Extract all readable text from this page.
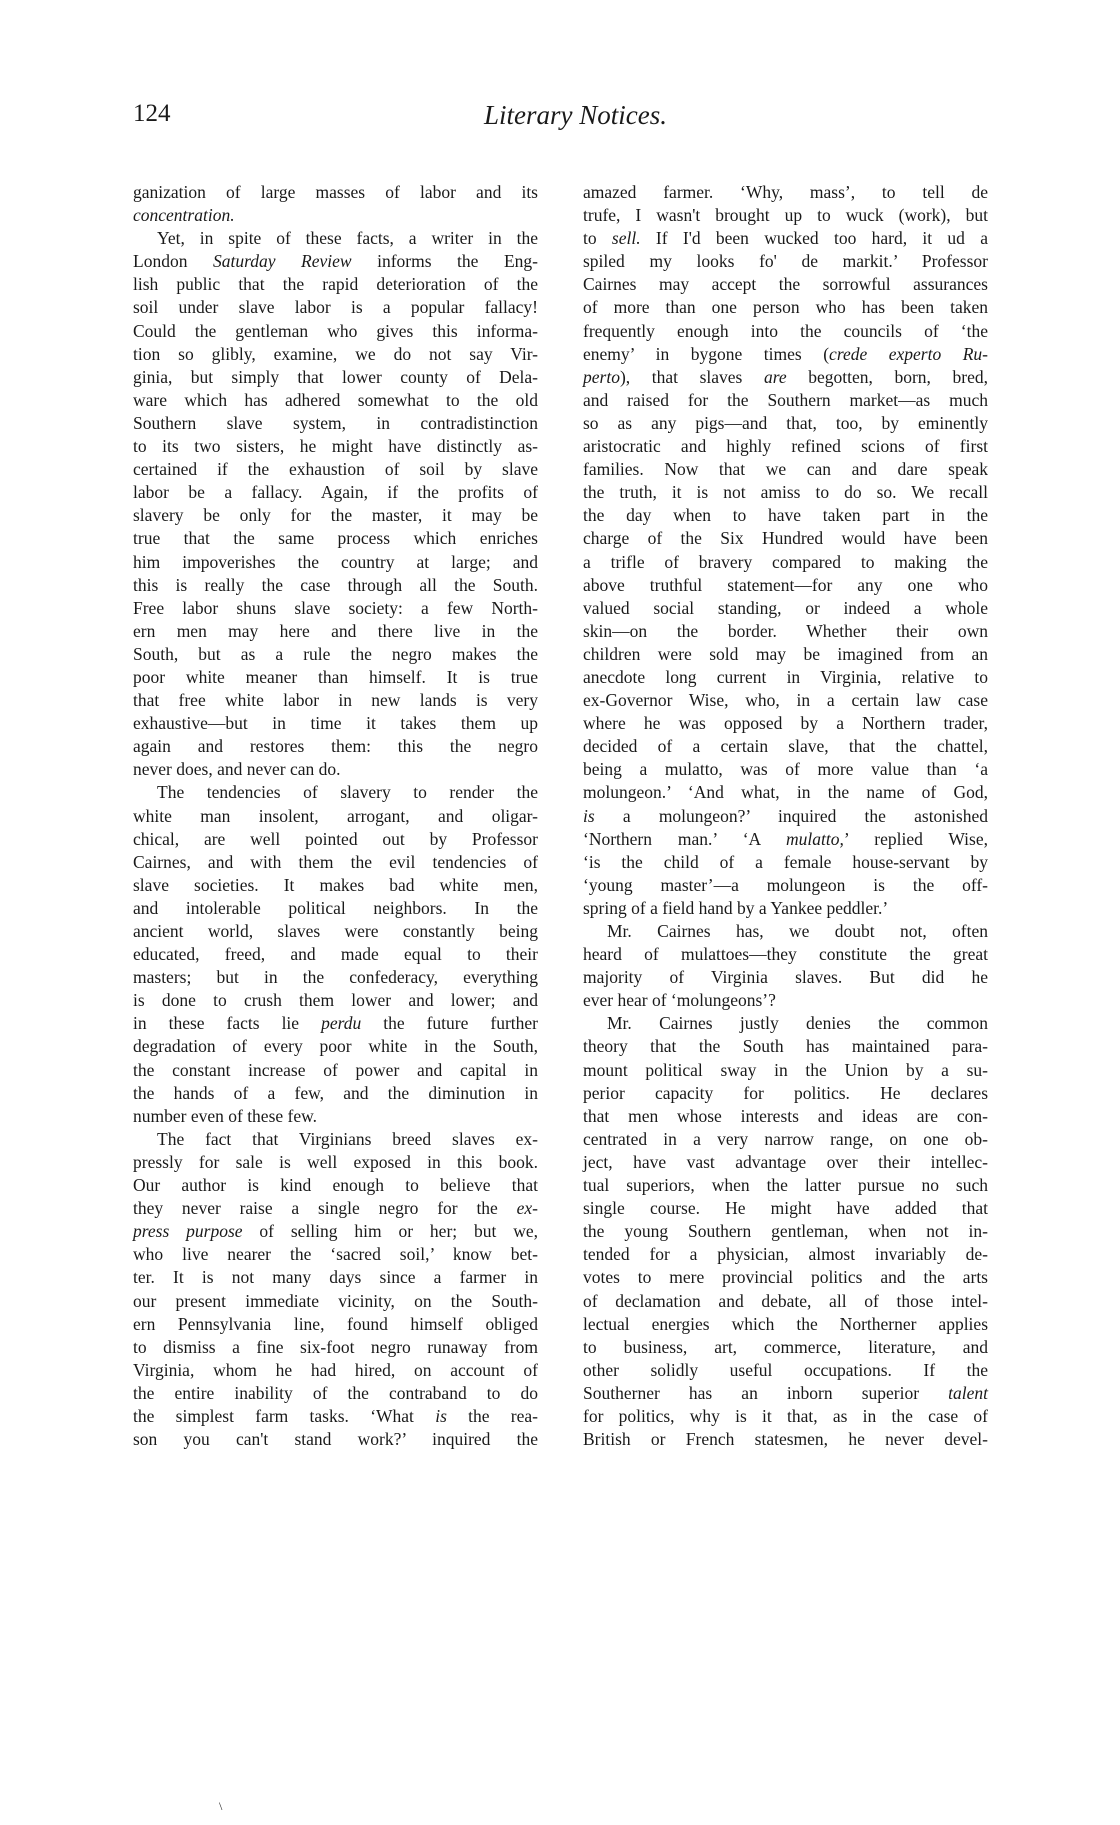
124	Literary Notices.
ganization of large masses of labor and its
concentration.
Yet, in spite of these facts, a writer in the
London Saturday Review informs the Eng-
lish public that the rapid deterioration of the
soil under slave labor is a popular fallacy!
Could the gentleman who gives this informa-
tion so glibly, examine, we do not say Vir-
ginia, but simply that lower county of Dela-
ware which has adhered somewhat to the old
Southern slave system, in contradistinction
to its two sisters, he might have distinctly as-
certained if the exhaustion of soil by slave
labor be a fallacy. Again, if the profits of
slavery be only for the master, it may be
true that the same process which enriches
him impoverishes the country at large; and
this is really the case through all the South.
Free labor shuns slave society: a few North-
ern men may here and there live in the
South, but as a rule the negro makes the
poor white meaner than himself. It is true
that free white labor in new lands is very
exhaustive—but in time it takes them up
again and restores them: this the negro
never does, and never can do.
The tendencies of slavery to render the
white man insolent, arrogant, and oligar-
chical, are well pointed out by Professor
Cairnes, and with them the evil tendencies of
slave societies. It makes bad white men,
and intolerable political neighbors. In the
ancient world, slaves were constantly being
educated, freed, and made equal to their
masters; but in the confederacy, everything
is done to crush them lower and lower; and
in these facts lie perdu the future further
degradation of every poor white in the South,
the constant increase of power and capital in
the hands of a few, and the diminution in
number even of these few.
The fact that Virginians breed slaves ex-
pressly for sale is well exposed in this book.
Our author is kind enough to believe that
they never raise a single negro for the ex-
press purpose of selling him or her; but we,
who live nearer the ‘sacred soil,’ know bet-
ter. It is not many days since a farmer in
our present immediate vicinity, on the South-
ern Pennsylvania line, found himself obliged
to dismiss a fine six-foot negro runaway from
Virginia, whom he had hired, on account of
the entire inability of the contraband to do
the simplest farm tasks. ‘What is the rea-
son you can't stand work?’ inquired the
amazed farmer. ‘Why, mass’, to tell de
trufe, I wasn't brought up to wuck (work), but
to sell. If I'd been wucked too hard, it ud a
spiled my looks fo' de markit.’ Professor
Cairnes may accept the sorrowful assurances
of more than one person who has been taken
frequently enough into the councils of ‘the
enemy’ in bygone times (crede experto Ru-
perto), that slaves are begotten, born, bred,
and raised for the Southern market—as much
so as any pigs—and that, too, by eminently
aristocratic and highly refined scions of first
families. Now that we can and dare speak
the truth, it is not amiss to do so. We recall
the day when to have taken part in the
charge of the Six Hundred would have been
a trifle of bravery compared to making the
above truthful statement—for any one who
valued social standing, or indeed a whole
skin—on the border. Whether their own
children were sold may be imagined from an
anecdote long current in Virginia, relative to
ex-Governor Wise, who, in a certain law case
where he was opposed by a Northern trader,
decided of a certain slave, that the chattel,
being a mulatto, was of more value than ‘a
molungeon.’ ‘And what, in the name of God,
is a molungeon?’ inquired the astonished
‘Northern man.’ ‘A mulatto,’ replied Wise,
‘is the child of a female house-servant by
‘young master’—a molungeon is the off-
spring of a field hand by a Yankee peddler.’
Mr. Cairnes has, we doubt not, often
heard of mulattoes—they constitute the great
majority of Virginia slaves. But did he
ever hear of ‘molungeons’?
Mr. Cairnes justly denies the common
theory that the South has maintained para-
mount political sway in the Union by a su-
perior capacity for politics. He declares
that men whose interests and ideas are con-
centrated in a very narrow range, on one ob-
ject, have vast advantage over their intellec-
tual superiors, when the latter pursue no such
single course. He might have added that
the young Southern gentleman, when not in-
tended for a physician, almost invariably de-
votes to mere provincial politics and the arts
of declamation and debate, all of those intel-
lectual energies which the Northerner applies
to business, art, commerce, literature, and
other solidly useful occupations. If the
Southerner has an inborn superior talent
for politics, why is it that, as in the case of
British or French statesmen, he never devel-
\
